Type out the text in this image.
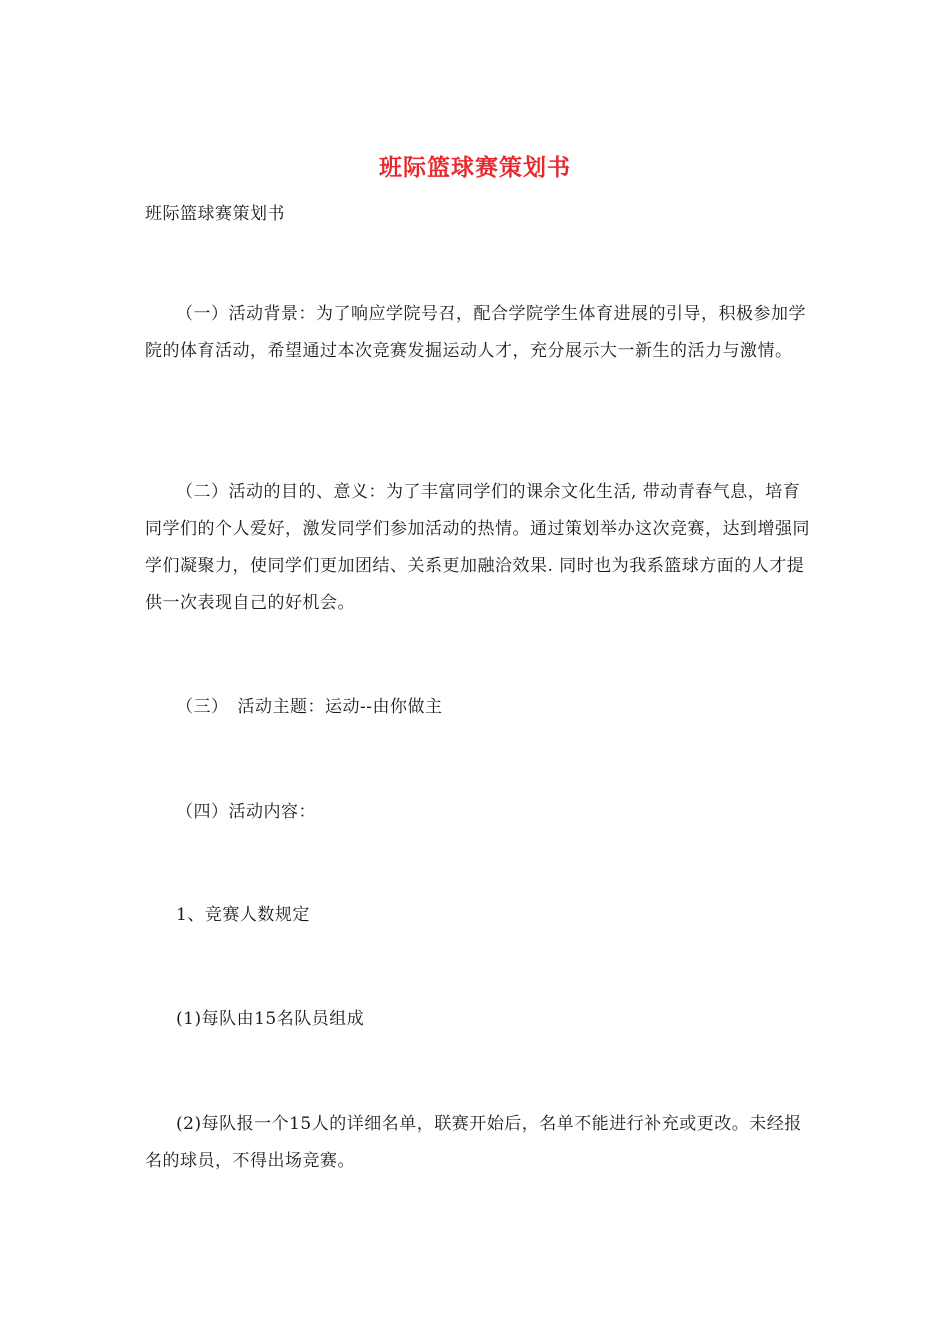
班际篮球赛策划书

班际篮球赛策划书

（一）活动背景：为了响应学院号召，配合学院学生体育进展的引导，积极参加学院的体育活动，希望通过本次竞赛发掘运动人才，充分展示大一新生的活力与激情。

（二）活动的目的、意义：为了丰富同学们的课余文化生活, 带动青春气息，培育同学们的个人爱好，激发同学们参加活动的热情。通过策划举办这次竞赛，达到增强同学们凝聚力，使同学们更加团结、关系更加融洽效果. 同时也为我系篮球方面的人才提供一次表现自己的好机会。

（三）　活动主题：运动--由你做主

（四）活动内容：

1、竞赛人数规定

(1)每队由15名队员组成

(2)每队报一个15人的详细名单，联赛开始后，名单不能进行补充或更改。未经报名的球员，不得出场竞赛。
